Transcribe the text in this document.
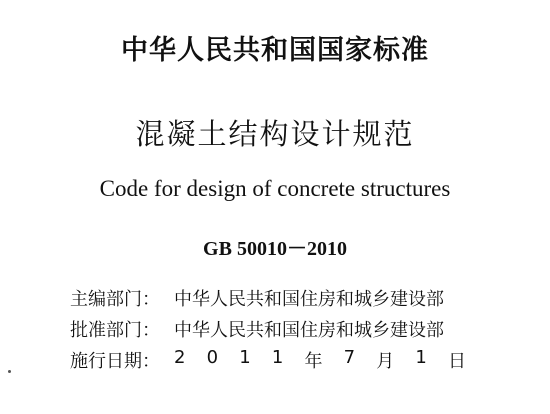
中华人民共和国国家标准
混凝土结构设计规范
Code for design of concrete structures
GB 50010－2010
主编部门： 中华人民共和国住房和城乡建设部
批准部门： 中华人民共和国住房和城乡建设部
施行日期： 2 0 1 1 年 7 月 1 日
